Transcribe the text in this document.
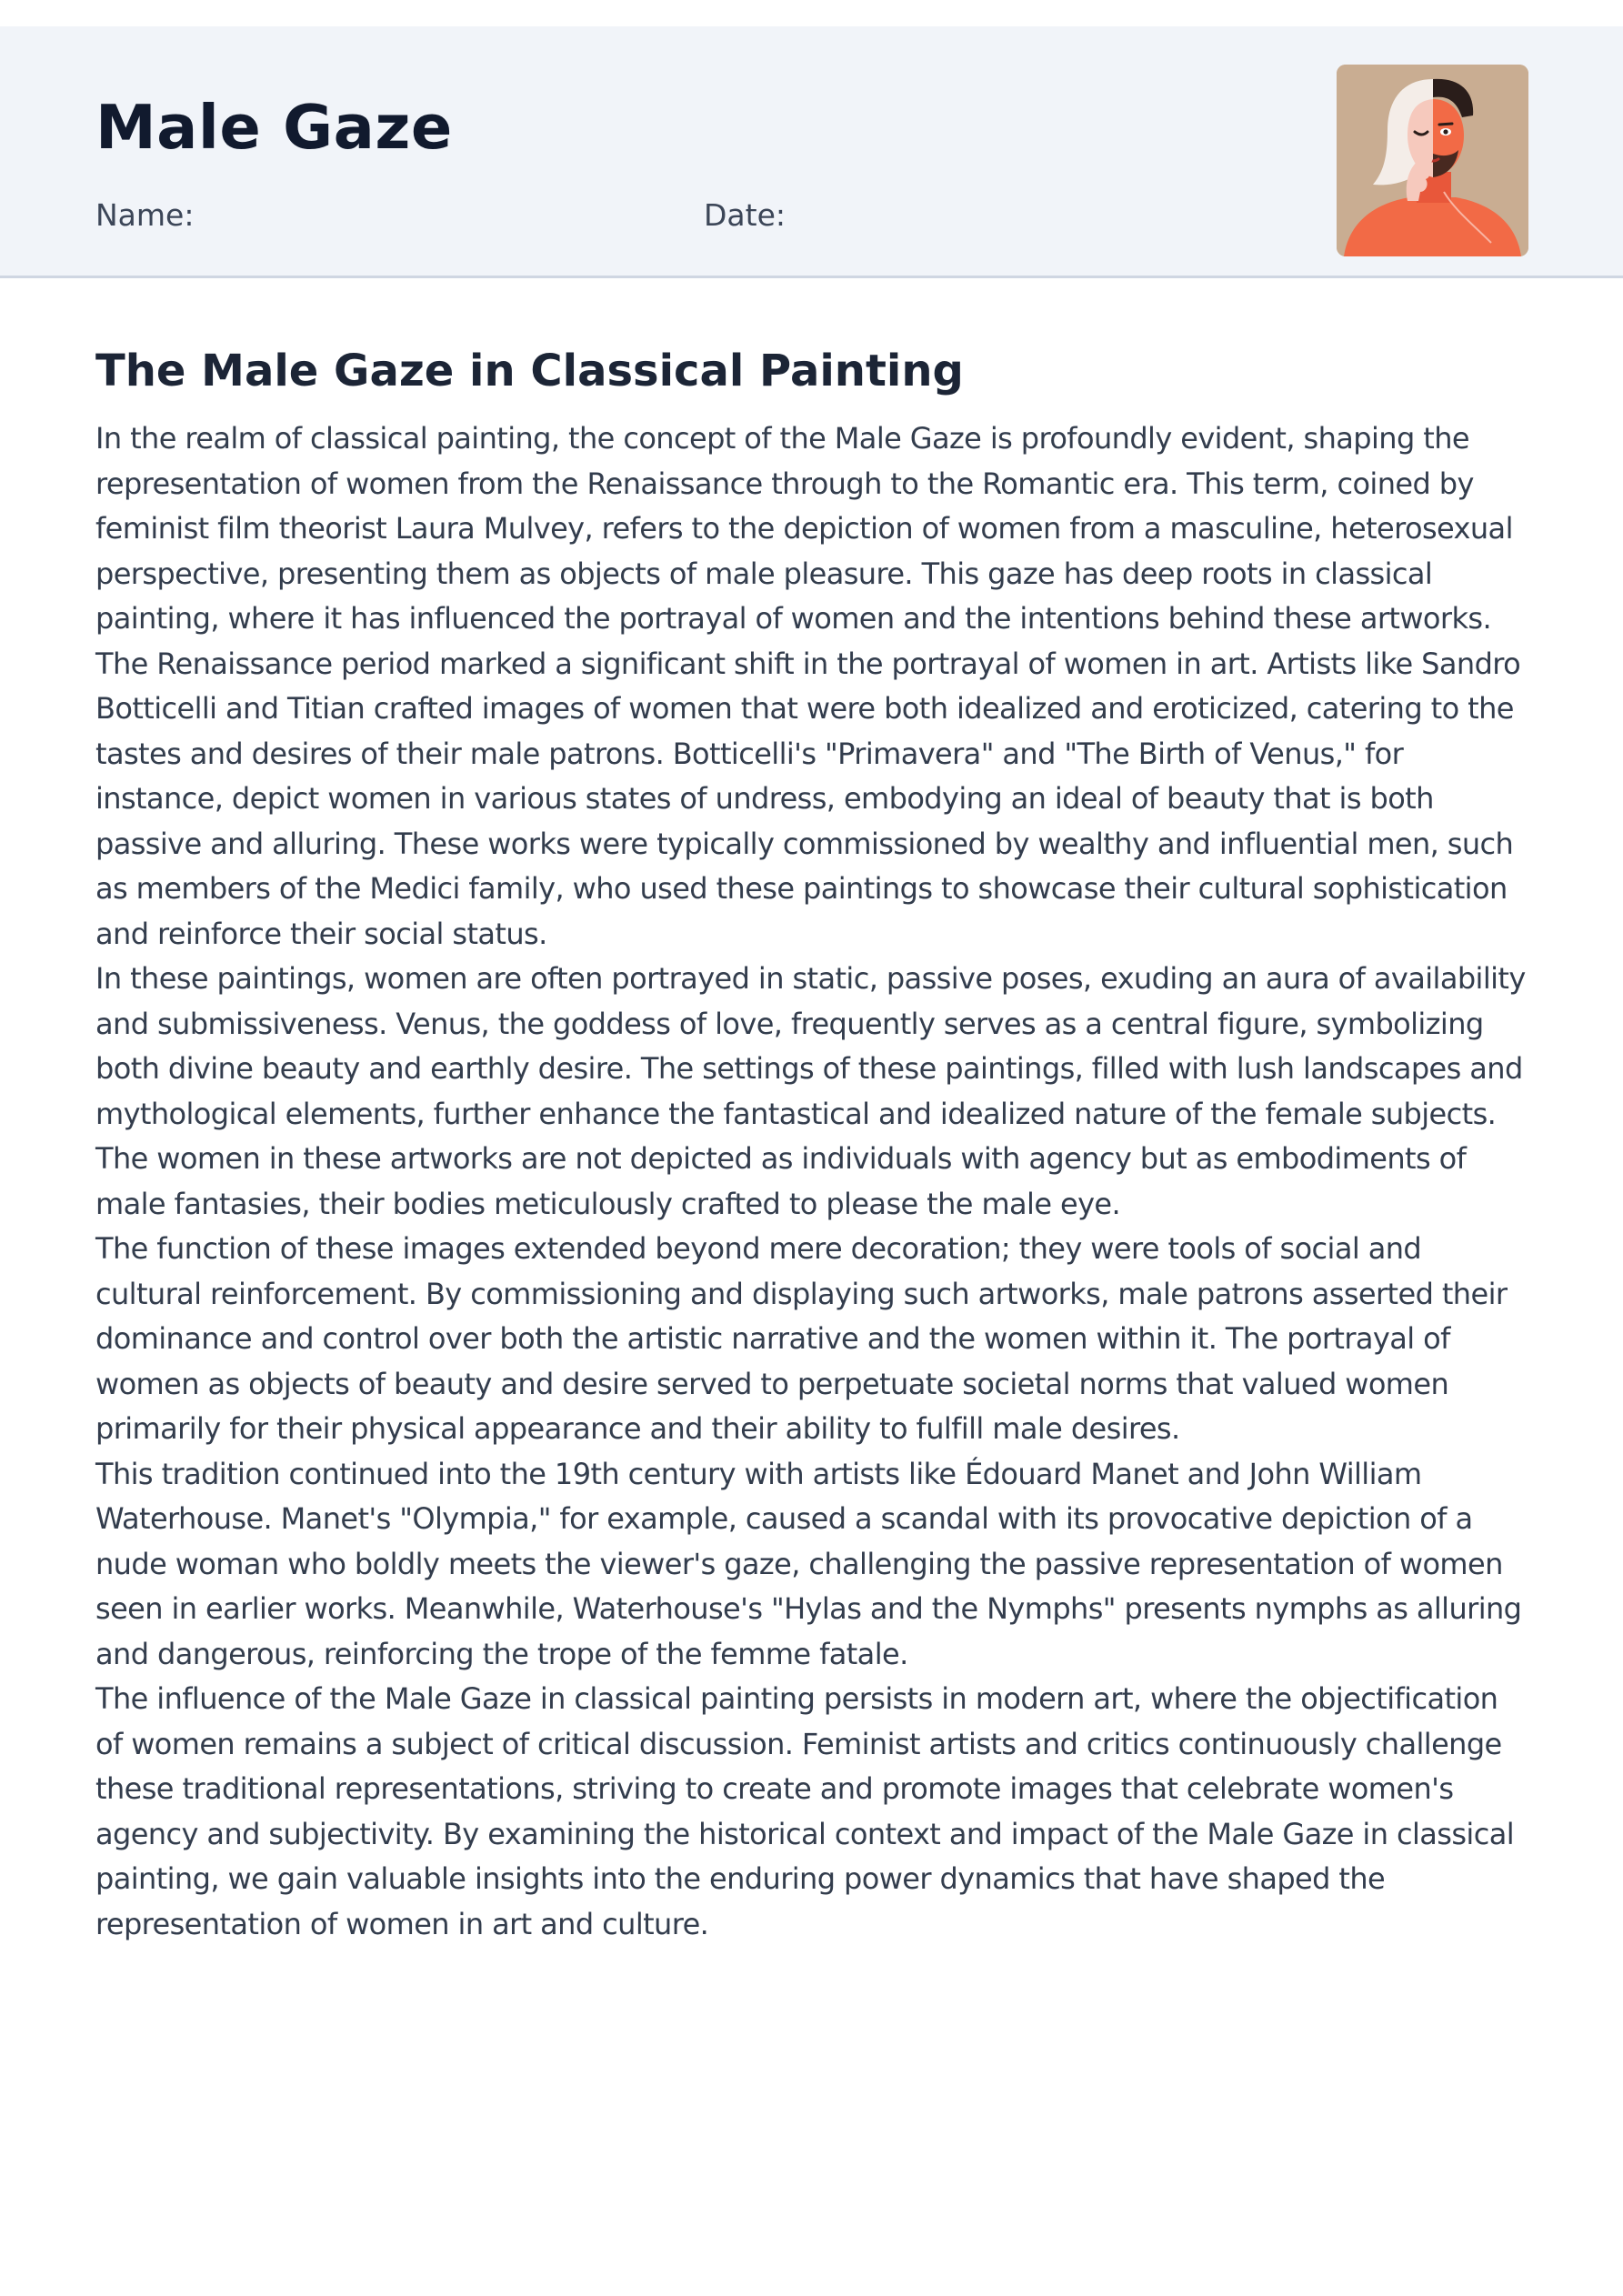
Male Gaze
Name:	Date:
The Male Gaze in Classical Painting

In the realm of classical painting, the concept of the Male Gaze is profoundly evident, shaping the representation of women from the Renaissance through to the Romantic era. This term, coined by feminist film theorist Laura Mulvey, refers to the depiction of women from a masculine, heterosexual perspective, presenting them as objects of male pleasure. This gaze has deep roots in classical painting, where it has influenced the portrayal of women and the intentions behind these artworks.

The Renaissance period marked a significant shift in the portrayal of women in art. Artists like Sandro Botticelli and Titian crafted images of women that were both idealized and eroticized, catering to the tastes and desires of their male patrons. Botticelli's "Primavera" and "The Birth of Venus," for instance, depict women in various states of undress, embodying an ideal of beauty that is both passive and alluring. These works were typically commissioned by wealthy and influential men, such as members of the Medici family, who used these paintings to showcase their cultural sophistication and reinforce their social status.

In these paintings, women are often portrayed in static, passive poses, exuding an aura of availability and submissiveness. Venus, the goddess of love, frequently serves as a central figure, symbolizing both divine beauty and earthly desire. The settings of these paintings, filled with lush landscapes and mythological elements, further enhance the fantastical and idealized nature of the female subjects. The women in these artworks are not depicted as individuals with agency but as embodiments of male fantasies, their bodies meticulously crafted to please the male eye.

The function of these images extended beyond mere decoration; they were tools of social and cultural reinforcement. By commissioning and displaying such artworks, male patrons asserted their dominance and control over both the artistic narrative and the women within it. The portrayal of women as objects of beauty and desire served to perpetuate societal norms that valued women primarily for their physical appearance and their ability to fulfill male desires.

This tradition continued into the 19th century with artists like Édouard Manet and John William Waterhouse. Manet's "Olympia," for example, caused a scandal with its provocative depiction of a nude woman who boldly meets the viewer's gaze, challenging the passive representation of women seen in earlier works. Meanwhile, Waterhouse's "Hylas and the Nymphs" presents nymphs as alluring and dangerous, reinforcing the trope of the femme fatale.

The influence of the Male Gaze in classical painting persists in modern art, where the objectification of women remains a subject of critical discussion. Feminist artists and critics continuously challenge these traditional representations, striving to create and promote images that celebrate women's agency and subjectivity. By examining the historical context and impact of the Male Gaze in classical painting, we gain valuable insights into the enduring power dynamics that have shaped the representation of women in art and culture.
